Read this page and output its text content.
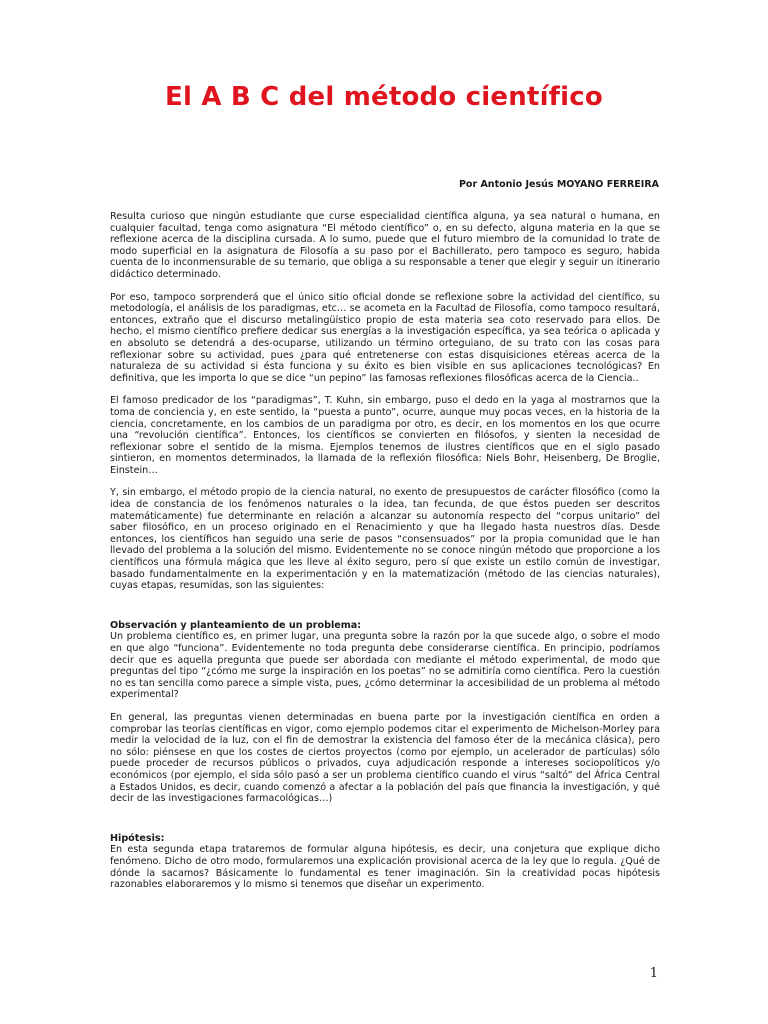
El A B C del método científico

Por Antonio Jesús MOYANO FERREIRA

Resulta curioso que ningún estudiante que curse especialidad científica alguna, ya sea natural o humana, en cualquier facultad, tenga como asignatura “El método científico” o, en su defecto, alguna materia en la que se reflexione acerca de la disciplina cursada. A lo sumo, puede que el futuro miembro de la comunidad lo trate de modo superficial en la asignatura de Filosofía a su paso por el Bachillerato, pero tampoco es seguro, habida cuenta de lo inconmensurable de su temario, que obliga a su responsable a tener que elegir y seguir un itinerario didáctico determinado.

Por eso, tampoco sorprenderá que el único sitio oficial donde se reflexione sobre la actividad del científico, su metodología, el análisis de los paradigmas, etc… se acometa en la Facultad de Filosofía, como tampoco resultará, entonces, extraño que el discurso metalingüístico propio de esta materia sea coto reservado para ellos. De hecho, el mismo científico prefiere dedicar sus energías a la investigación específica, ya sea teórica o aplicada y en absoluto se detendrá a des-ocuparse, utilizando un término orteguiano, de su trato con las cosas para reflexionar sobre su actividad, pues ¿para qué entretenerse con estas disquisiciones etéreas acerca de la naturaleza de su actividad si ésta funciona y su éxito es bien visible en sus aplicaciones tecnológicas? En definitiva, que les importa lo que se dice “un pepino” las famosas reflexiones filosóficas acerca de la Ciencia..

El famoso predicador de los “paradigmas”, T. Kuhn, sin embargo, puso el dedo en la yaga al mostrarnos que la toma de conciencia y, en este sentido, la “puesta a punto”, ocurre, aunque muy pocas veces, en la historia de la ciencia, concretamente, en los cambios de un paradigma por otro, es decir, en los momentos en los que ocurre una “revolución científica”. Entonces, los científicos se convierten en filósofos, y sienten la necesidad de reflexionar sobre el sentido de la misma. Ejemplos tenemos de ilustres científicos que en el siglo pasado sintieron, en momentos determinados, la llamada de la reflexión filosófica: Niels Bohr, Heisenberg, De Broglie, Einstein…

Y, sin embargo, el método propio de la ciencia natural, no exento de presupuestos de carácter filosófico (como la idea de constancia de los fenómenos naturales o la idea, tan fecunda, de que éstos pueden ser descritos matemáticamente) fue determinante en relación a alcanzar su autonomía respecto del “corpus unitario” del saber filosófico, en un proceso originado en el Renacimiento y que ha llegado hasta nuestros días. Desde entonces, los científicos han seguido una serie de pasos “consensuados” por la propia comunidad que le han llevado del problema a la solución del mismo. Evidentemente no se conoce ningún método que proporcione a los científicos una fórmula mágica que les lleve al éxito seguro, pero sí que existe un estilo común de investigar, basado fundamentalmente en la experimentación y en la matematización (método de las ciencias naturales), cuyas etapas, resumidas, son las siguientes:

Observación y planteamiento de un problema:

Un problema científico es, en primer lugar, una pregunta sobre la razón por la que sucede algo, o sobre el modo en que algo “funciona”. Evidentemente no toda pregunta debe considerarse científica. En principio, podríamos decir que es aquella pregunta que puede ser abordada con mediante el método experimental, de modo que preguntas del tipo “¿cómo me surge la inspiración en los poetas” no se admitiría como científica. Pero la cuestión no es tan sencilla como parece a simple vista, pues, ¿cómo determinar la accesibilidad de un problema al método experimental?

En general, las preguntas vienen determinadas en buena parte por la investigación científica en orden a comprobar las teorías científicas en vigor, como ejemplo podemos citar el experimento de Michelson-Morley para medir la velocidad de la luz, con el fin de demostrar la existencia del famoso éter de la mecánica clásica), pero no sólo: piénsese en que los costes de ciertos proyectos (como por ejemplo, un acelerador de partículas) sólo puede proceder de recursos públicos o privados, cuya adjudicación responde a intereses sociopolíticos y/o económicos (por ejemplo, el sida sólo pasó a ser un problema científico cuando el virus “saltó” del África Central a Estados Unidos, es decir, cuando comenzó a afectar a la población del país que financia la investigación, y qué decir de las investigaciones farmacológicas…)

Hipótesis:

En esta segunda etapa trataremos de formular alguna hipótesis, es decir, una conjetura que explique dicho fenómeno. Dicho de otro modo, formularemos una explicación provisional acerca de la ley que lo regula. ¿Qué de dónde la sacamos? Básicamente lo fundamental es tener imaginación. Sin la creatividad pocas hipótesis razonables elaboraremos y lo mismo si tenemos que diseñar un experimento.

1
